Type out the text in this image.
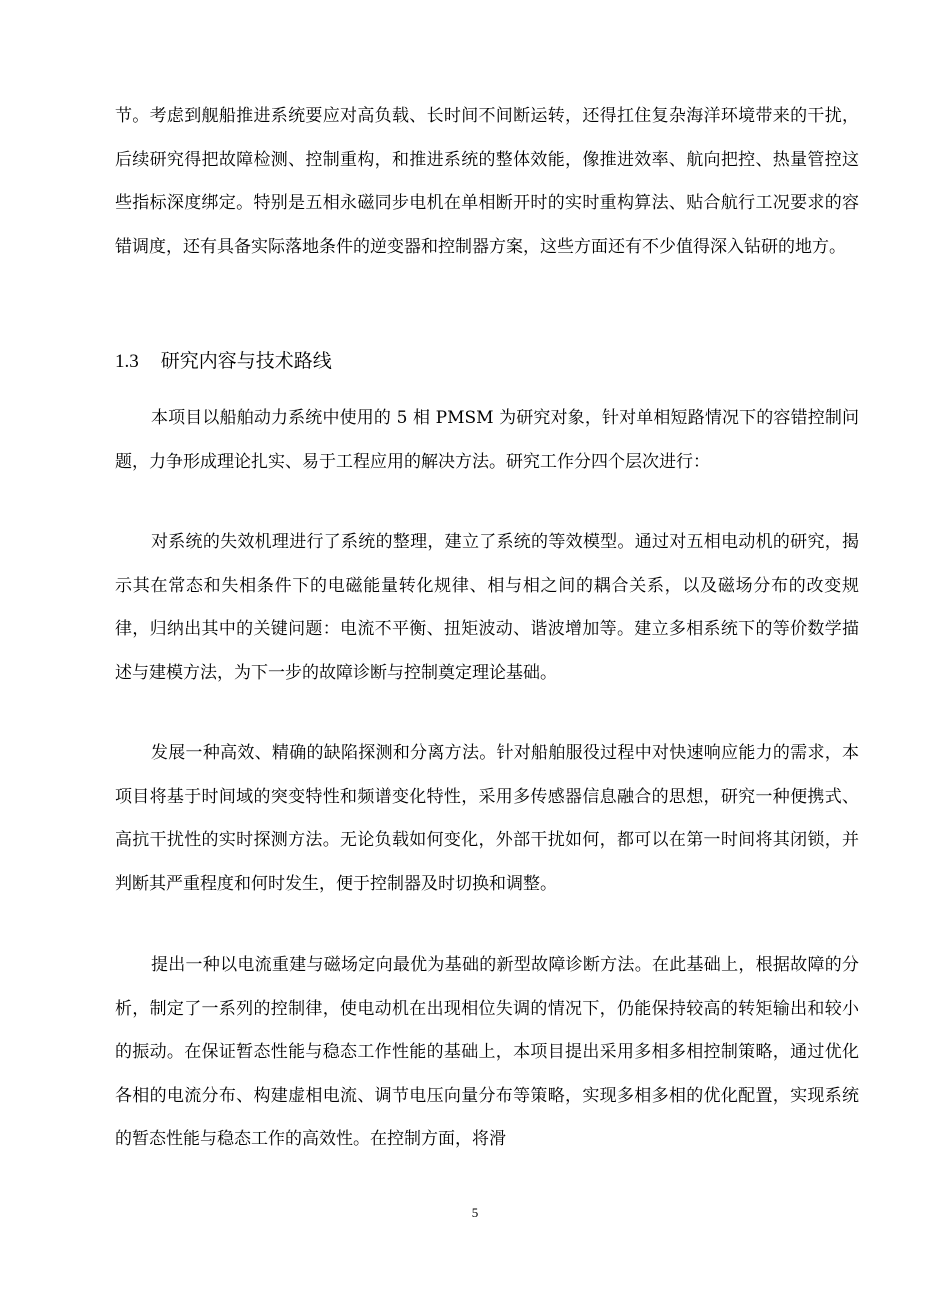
节。考虑到舰船推进系统要应对高负载、长时间不间断运转，还得扛住复杂海洋环境带来的干扰，后续研究得把故障检测、控制重构，和推进系统的整体效能，像推进效率、航向把控、热量管控这些指标深度绑定。特别是五相永磁同步电机在单相断开时的实时重构算法、贴合航行工况要求的容错调度，还有具备实际落地条件的逆变器和控制器方案，这些方面还有不少值得深入钻研的地方。

1.3 研究内容与技术路线

本项目以船舶动力系统中使用的 5 相 PMSM 为研究对象，针对单相短路情况下的容错控制问题，力争形成理论扎实、易于工程应用的解决方法。研究工作分四个层次进行：

对系统的失效机理进行了系统的整理，建立了系统的等效模型。通过对五相电动机的研究，揭示其在常态和失相条件下的电磁能量转化规律、相与相之间的耦合关系，以及磁场分布的改变规律，归纳出其中的关键问题：电流不平衡、扭矩波动、谐波增加等。建立多相系统下的等价数学描述与建模方法，为下一步的故障诊断与控制奠定理论基础。

发展一种高效、精确的缺陷探测和分离方法。针对船舶服役过程中对快速响应能力的需求，本项目将基于时间域的突变特性和频谱变化特性，采用多传感器信息融合的思想，研究一种便携式、高抗干扰性的实时探测方法。无论负载如何变化，外部干扰如何，都可以在第一时间将其闭锁，并判断其严重程度和何时发生，便于控制器及时切换和调整。

提出一种以电流重建与磁场定向最优为基础的新型故障诊断方法。在此基础上，根据故障的分析，制定了一系列的控制律，使电动机在出现相位失调的情况下，仍能保持较高的转矩输出和较小的振动。在保证暂态性能与稳态工作性能的基础上，本项目提出采用多相多相控制策略，通过优化各相的电流分布、构建虚相电流、调节电压向量分布等策略，实现多相多相的优化配置，实现系统的暂态性能与稳态工作的高效性。在控制方面，将滑

5
